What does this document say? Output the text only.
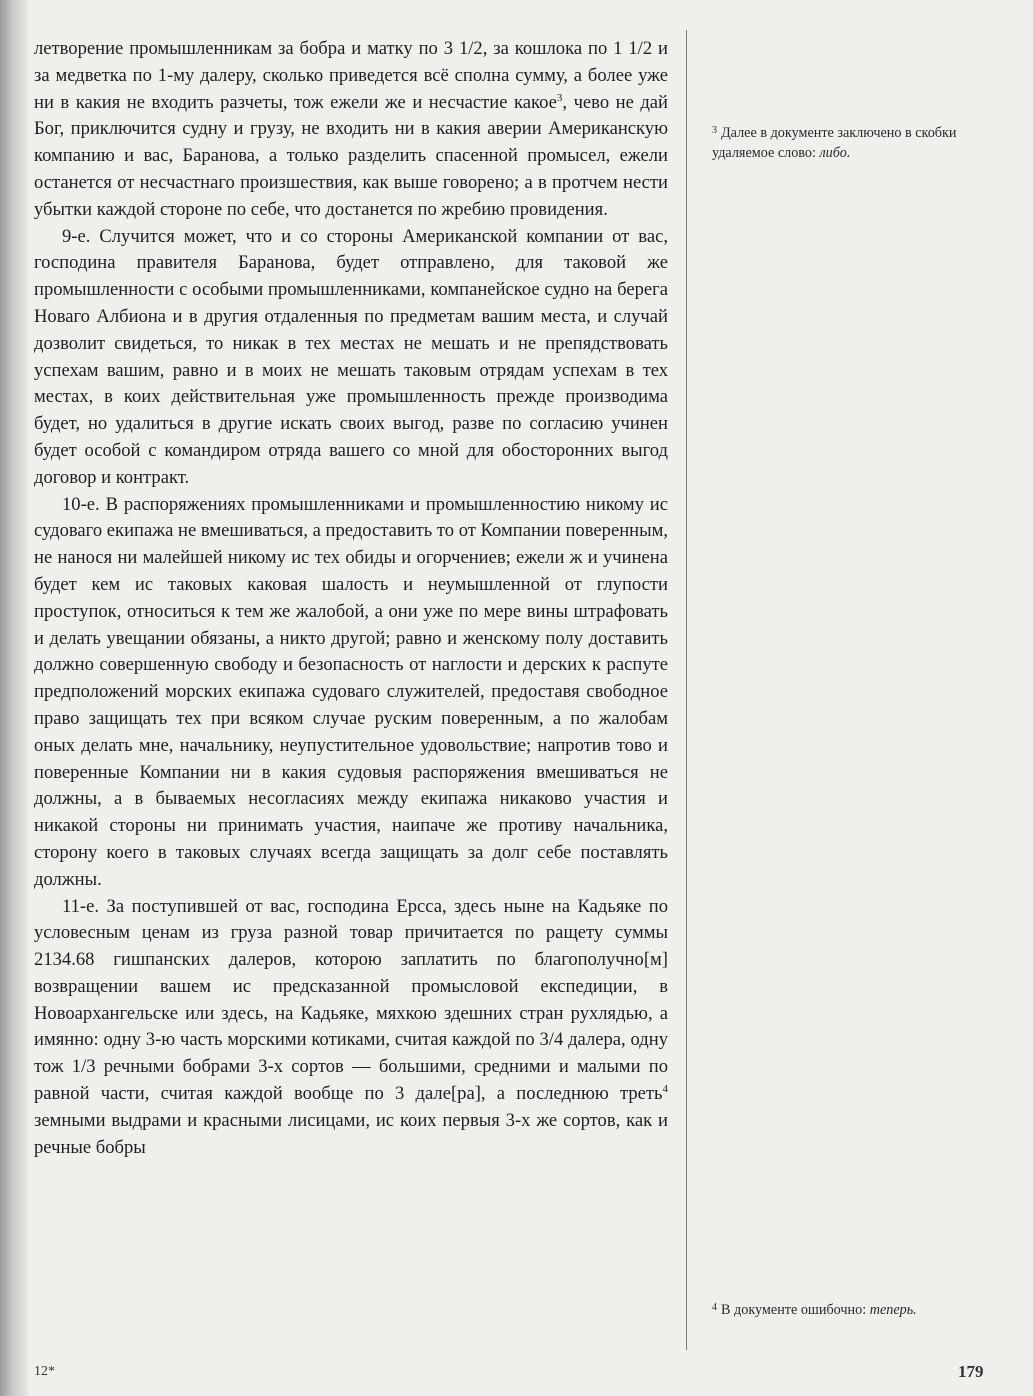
летворение промышленникам за бобра и матку по 3 1/2, за кошлока по 1 1/2 и за медветка по 1-му далеру, сколько приведется всё сполна сумму, а более уже ни в какия не входить разчеты, тож ежели же и несчастие какое$^3$, чево не дай Бог, приключится судну и грузу, не входить ни в какия аверии Американскую компанию и вас, Баранова, а только разделить спасенной промысел, ежели останется от несчастнаго произшествия, как выше говорено; а в протчем нести убытки каждой стороне по себе, что достанется по жребию провидения.

9-е. Случится может, что и со стороны Американской компании от вас, господина правителя Баранова, будет отправлено, для таковой же промышленности с особыми промышленниками, компанейское судно на берега Новаго Албиона и в другия отдаленныя по предметам вашим места, и случай дозволит свидеться, то никак в тех местах не мешать и не препядствовать успехам вашим, равно и в моих не мешать таковым отрядам успехам в тех местах, в коих действительная уже промышленность прежде производима будет, но удалиться в другие искать своих выгод, разве по согласию учинен будет особой с командиром отряда вашего со мной для обосторонних выгод договор и контракт.

10-е. В распоряжениях промышленниками и промышленностию никому ис судоваго екипажа не вмешиваться, а предоставить то от Компании поверенным, не нанося ни малейшей никому ис тех обиды и огорчениев; ежели ж и учинена будет кем ис таковых каковая шалость и неумышленной от глупости проступок, относиться к тем же жалобой, а они уже по мере вины штрафовать и делать увещании обязаны, а никто другой; равно и женскому полу доставить должно совершенную свободу и безопасность от наглости и дерских к распуте предположений морских екипажа судоваго служителей, предоставя свободное право защищать тех при всяком случае руским поверенным, а по жалобам оных делать мне, начальнику, неупустительное удовольствие; напротив тово и поверенные Компании ни в какия судовыя распоряжения вмешиваться не должны, а в бываемых несогласиях между екипажа никаково участия и никакой стороны ни принимать участия, наипаче же противу начальника, сторону коего в таковых случаях всегда защищать за долг себе поставлять должны.

11-е. За поступившей от вас, господина Ерсса, здесь ныне на Кадьяке по условесным ценам из груза разной товар причитается по ращету суммы 2134.68 гишпанских далеров, которою заплатить по благополучно[м] возвращении вашем ис предсказанной промысловой експедиции, в Новоархангельске или здесь, на Кадьяке, мяхкою здешних стран рухлядью, а имянно: одну 3-ю часть морскими котиками, считая каждой по 3/4 далера, одну тож 1/3 речными бобрами 3-х сортов — большими, средними и малыми по равной части, считая каждой вообще по 3 дале[ра], а последнюю треть$^4$ земными выдрами и красными лисицами, ис коих первыя 3-х же сортов, как и речные бобры

$^3$ Далее в документе заключено в скобки удаляемое слово: либо.
$^4$ В документе ошибочно: теперь.
12*	179
